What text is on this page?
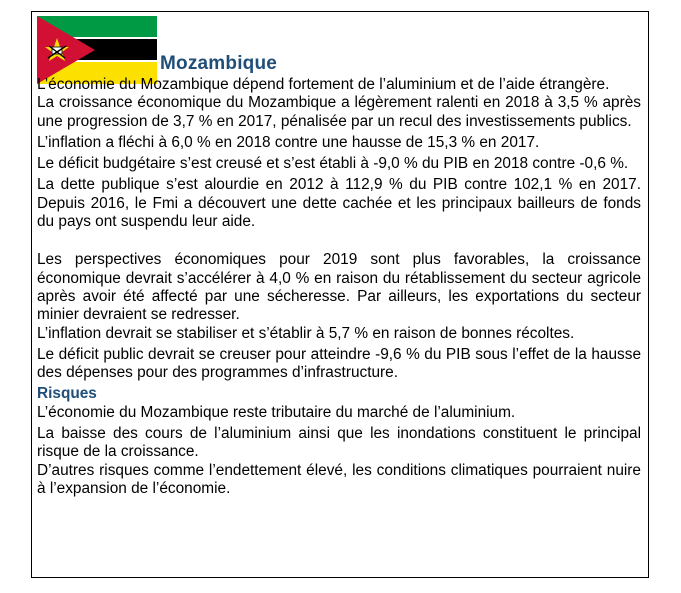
Mozambique

L’économie du Mozambique dépend fortement de l’aluminium et de l’aide étrangère.

La croissance économique du Mozambique a légèrement ralenti en 2018 à 3,5 % après une progression de 3,7 % en 2017, pénalisée par un recul des investissements publics.

L’inflation a fléchi à 6,0 % en 2018 contre une hausse de 15,3 % en 2017.

Le déficit budgétaire s’est creusé et s’est établi à -9,0 % du PIB en 2018 contre -0,6 %.

La dette publique s’est alourdie en 2012 à 112,9 % du PIB contre 102,1 % en 2017. Depuis 2016, le Fmi a découvert une dette cachée et les principaux bailleurs de fonds du pays ont suspendu leur aide.

Les perspectives économiques pour 2019 sont plus favorables, la croissance économique devrait s’accélérer à 4,0 % en raison du rétablissement du secteur agricole après avoir été affecté par une sécheresse. Par ailleurs, les exportations du secteur minier devraient se redresser.

L’inflation devrait se stabiliser et s’établir à 5,7 % en raison de bonnes récoltes.

Le déficit public devrait se creuser pour atteindre -9,6 % du PIB sous l’effet de la hausse des dépenses pour des programmes d’infrastructure.

Risques

L’économie du Mozambique reste tributaire du marché de l’aluminium.

La baisse des cours de l’aluminium ainsi que les inondations constituent le principal risque de la croissance.

D’autres risques comme l’endettement élevé, les conditions climatiques pourraient nuire à l’expansion de l’économie.
